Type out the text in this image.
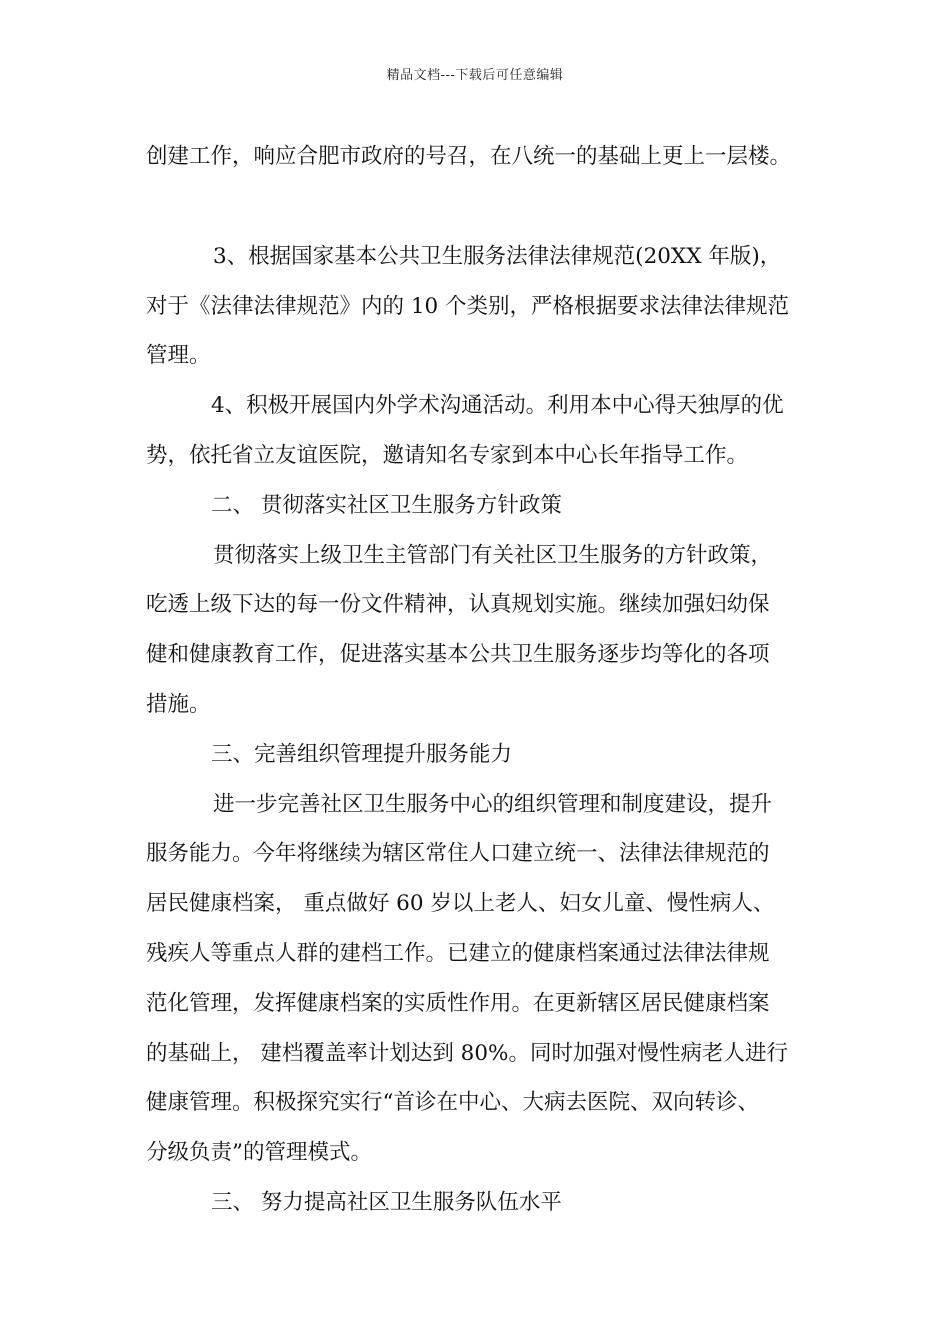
精品文档---下载后可任意编辑

创建工作，响应合肥市政府的号召，在八统一的基础上更上一层楼。

3、根据国家基本公共卫生服务法律法律规范(20XX 年版)，

对于《法律法律规范》内的 10 个类别，严格根据要求法律法律规范

管理。

4、积极开展国内外学术沟通活动。利用本中心得天独厚的优

势，依托省立友谊医院，邀请知名专家到本中心长年指导工作。

二、 贯彻落实社区卫生服务方针政策

贯彻落实上级卫生主管部门有关社区卫生服务的方针政策，

吃透上级下达的每一份文件精神，认真规划实施。继续加强妇幼保

健和健康教育工作，促进落实基本公共卫生服务逐步均等化的各项

措施。

三、完善组织管理提升服务能力

进一步完善社区卫生服务中心的组织管理和制度建设，提升

服务能力。今年将继续为辖区常住人口建立统一、法律法律规范的

居民健康档案， 重点做好 60 岁以上老人、妇女儿童、慢性病人、

残疾人等重点人群的建档工作。已建立的健康档案通过法律法律规

范化管理，发挥健康档案的实质性作用。在更新辖区居民健康档案

的基础上， 建档覆盖率计划达到 80%。同时加强对慢性病老人进行

健康管理。积极探究实行“首诊在中心、大病去医院、双向转诊、

分级负责”的管理模式。

三、 努力提高社区卫生服务队伍水平
